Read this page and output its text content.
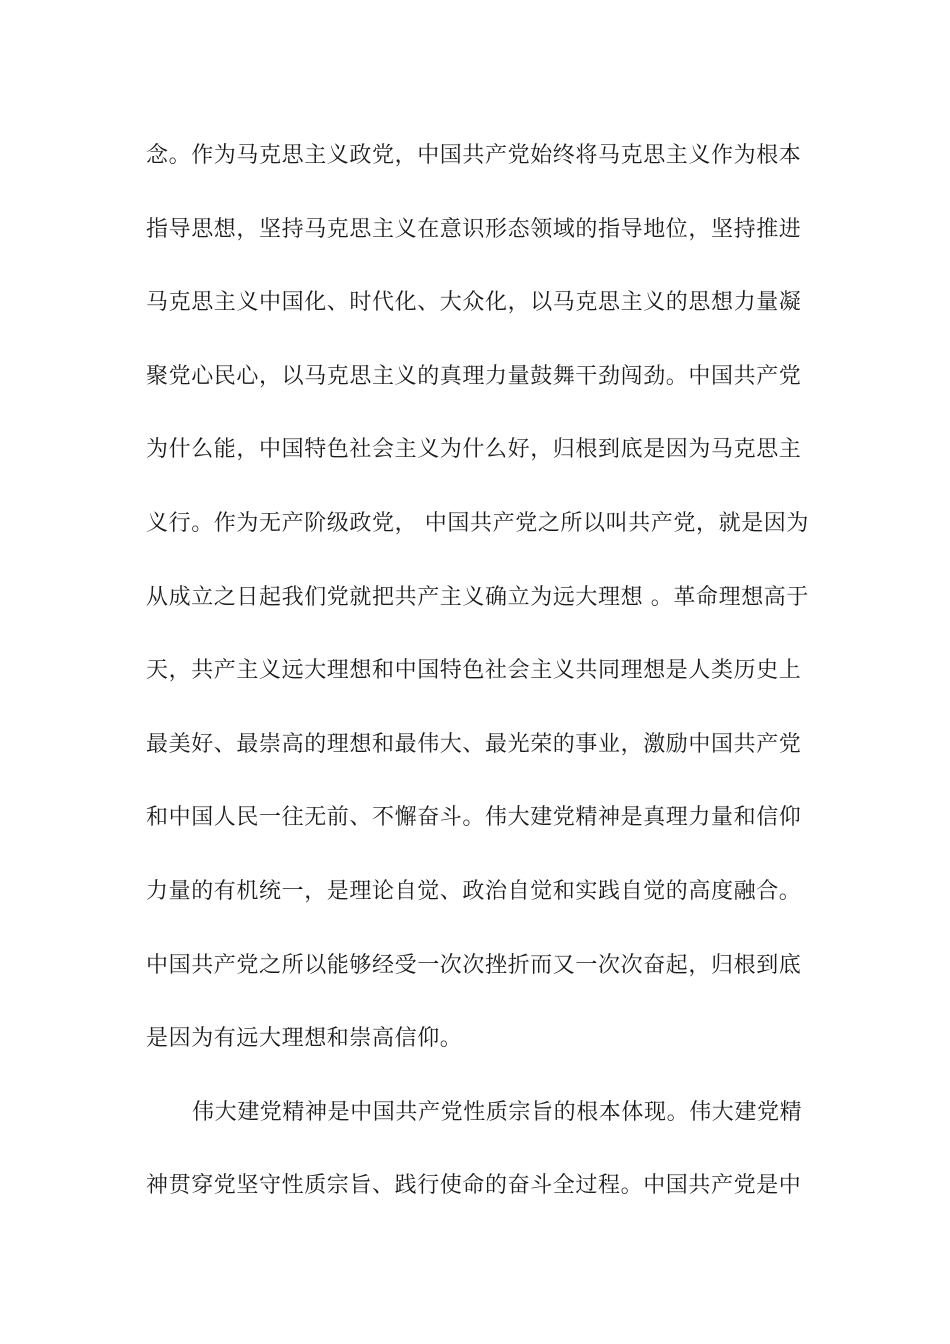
念。作为马克思主义政党，中国共产党始终将马克思主义作为根本
指导思想，坚持马克思主义在意识形态领域的指导地位，坚持推进
马克思主义中国化、时代化、大众化，以马克思主义的思想力量凝
聚党心民心，以马克思主义的真理力量鼓舞干劲闯劲。中国共产党
为什么能，中国特色社会主义为什么好，归根到底是因为马克思主
义行。作为无产阶级政党， 中国共产党之所以叫共产党，就是因为
从成立之日起我们党就把共产主义确立为远大理想 。革命理想高于
天，共产主义远大理想和中国特色社会主义共同理想是人类历史上
最美好、最崇高的理想和最伟大、最光荣的事业，激励中国共产党
和中国人民一往无前、不懈奋斗。伟大建党精神是真理力量和信仰
力量的有机统一，是理论自觉、政治自觉和实践自觉的高度融合。
中国共产党之所以能够经受一次次挫折而又一次次奋起，归根到底
是因为有远大理想和崇高信仰。
伟大建党精神是中国共产党性质宗旨的根本体现。伟大建党精
神贯穿党坚守性质宗旨、践行使命的奋斗全过程。中国共产党是中
